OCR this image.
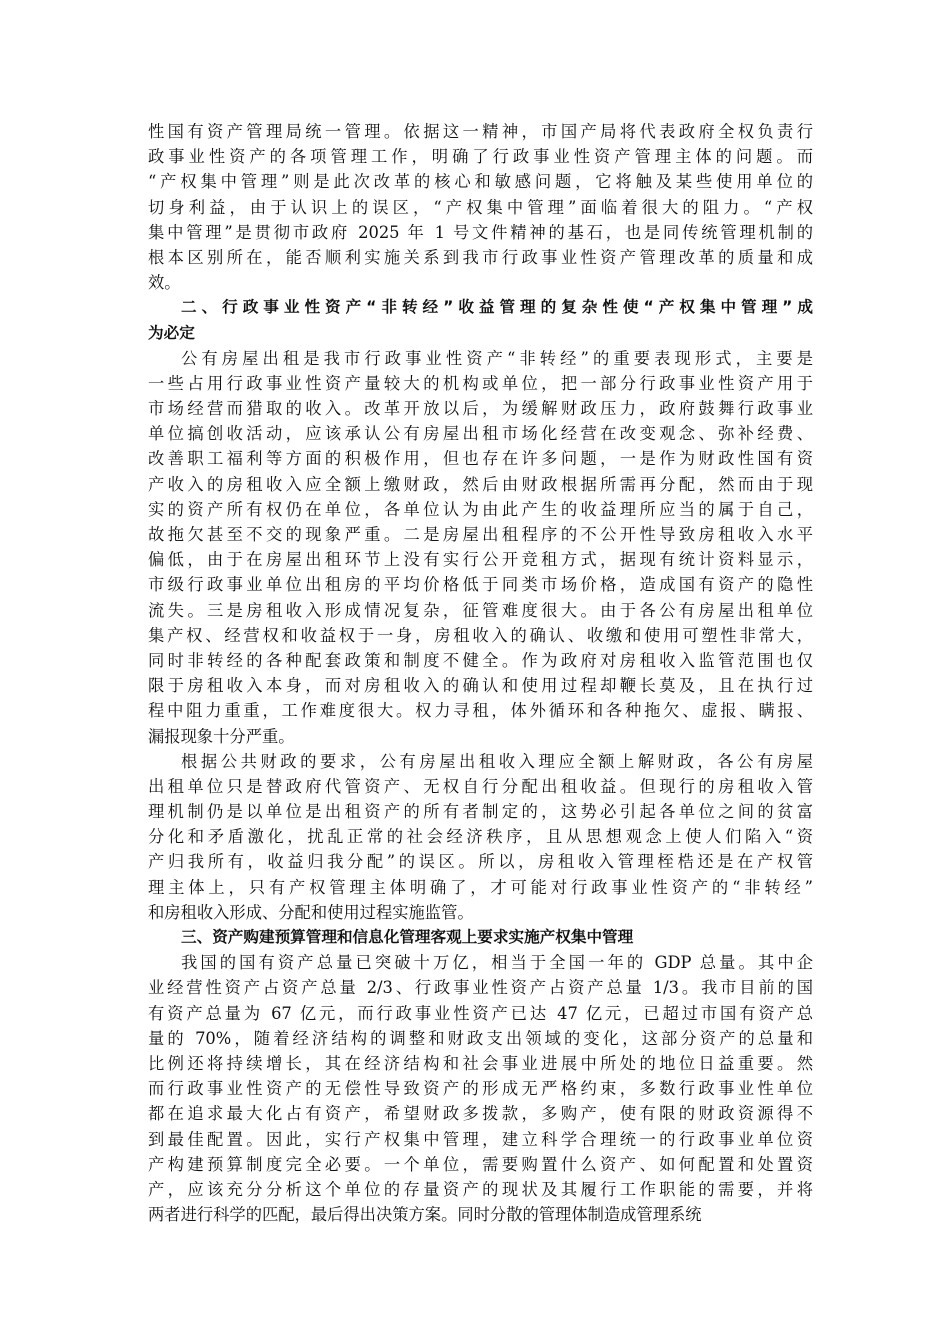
性国有资产管理局统一管理。依据这一精神，市国产局将代表政府全权负责行
政事业性资产的各项管理工作，明确了行政事业性资产管理主体的问题。而
“产权集中管理”则是此次改革的核心和敏感问题，它将触及某些使用单位的
切身利益，由于认识上的误区，“产权集中管理”面临着很大的阻力。“产权
集中管理”是贯彻市政府 2025 年 1 号文件精神的基石，也是同传统管理机制的
根本区别所在，能否顺利实施关系到我市行政事业性资产管理改革的质量和成
效。
二、行政事业性资产“非转经”收益管理的复杂性使“产权集中管理”成
为必定
公有房屋出租是我市行政事业性资产“非转经”的重要表现形式，主要是
一些占用行政事业性资产量较大的机构或单位，把一部分行政事业性资产用于
市场经营而猎取的收入。改革开放以后，为缓解财政压力，政府鼓舞行政事业
单位搞创收活动，应该承认公有房屋出租市场化经营在改变观念、弥补经费、
改善职工福利等方面的积极作用，但也存在许多问题，一是作为财政性国有资
产收入的房租收入应全额上缴财政，然后由财政根据所需再分配，然而由于现
实的资产所有权仍在单位，各单位认为由此产生的收益理所应当的属于自己，
故拖欠甚至不交的现象严重。二是房屋出租程序的不公开性导致房租收入水平
偏低，由于在房屋出租环节上没有实行公开竞租方式，据现有统计资料显示，
市级行政事业单位出租房的平均价格低于同类市场价格，造成国有资产的隐性
流失。三是房租收入形成情况复杂，征管难度很大。由于各公有房屋出租单位
集产权、经营权和收益权于一身，房租收入的确认、收缴和使用可塑性非常大，
同时非转经的各种配套政策和制度不健全。作为政府对房租收入监管范围也仅
限于房租收入本身，而对房租收入的确认和使用过程却鞭长莫及，且在执行过
程中阻力重重，工作难度很大。权力寻租，体外循环和各种拖欠、虚报、瞒报、
漏报现象十分严重。
根据公共财政的要求，公有房屋出租收入理应全额上解财政，各公有房屋
出租单位只是替政府代管资产、无权自行分配出租收益。但现行的房租收入管
理机制仍是以单位是出租资产的所有者制定的，这势必引起各单位之间的贫富
分化和矛盾激化，扰乱正常的社会经济秩序，且从思想观念上使人们陷入“资
产归我所有，收益归我分配”的误区。所以，房租收入管理桎梏还是在产权管
理主体上，只有产权管理主体明确了，才可能对行政事业性资产的“非转经”
和房租收入形成、分配和使用过程实施监管。
三、资产购建预算管理和信息化管理客观上要求实施产权集中管理
我国的国有资产总量已突破十万亿，相当于全国一年的 GDP 总量。其中企
业经营性资产占资产总量 2/3、行政事业性资产占资产总量 1/3。我市目前的国
有资产总量为 67 亿元，而行政事业性资产已达 47 亿元，已超过市国有资产总
量的 70%，随着经济结构的调整和财政支出领域的变化，这部分资产的总量和
比例还将持续增长，其在经济结构和社会事业进展中所处的地位日益重要。然
而行政事业性资产的无偿性导致资产的形成无严格约束，多数行政事业性单位
都在追求最大化占有资产，希望财政多拨款，多购产，使有限的财政资源得不
到最佳配置。因此，实行产权集中管理，建立科学合理统一的行政事业单位资
产构建预算制度完全必要。一个单位，需要购置什么资产、如何配置和处置资
产，应该充分分析这个单位的存量资产的现状及其履行工作职能的需要，并将
两者进行科学的匹配，最后得出决策方案。同时分散的管理体制造成管理系统
